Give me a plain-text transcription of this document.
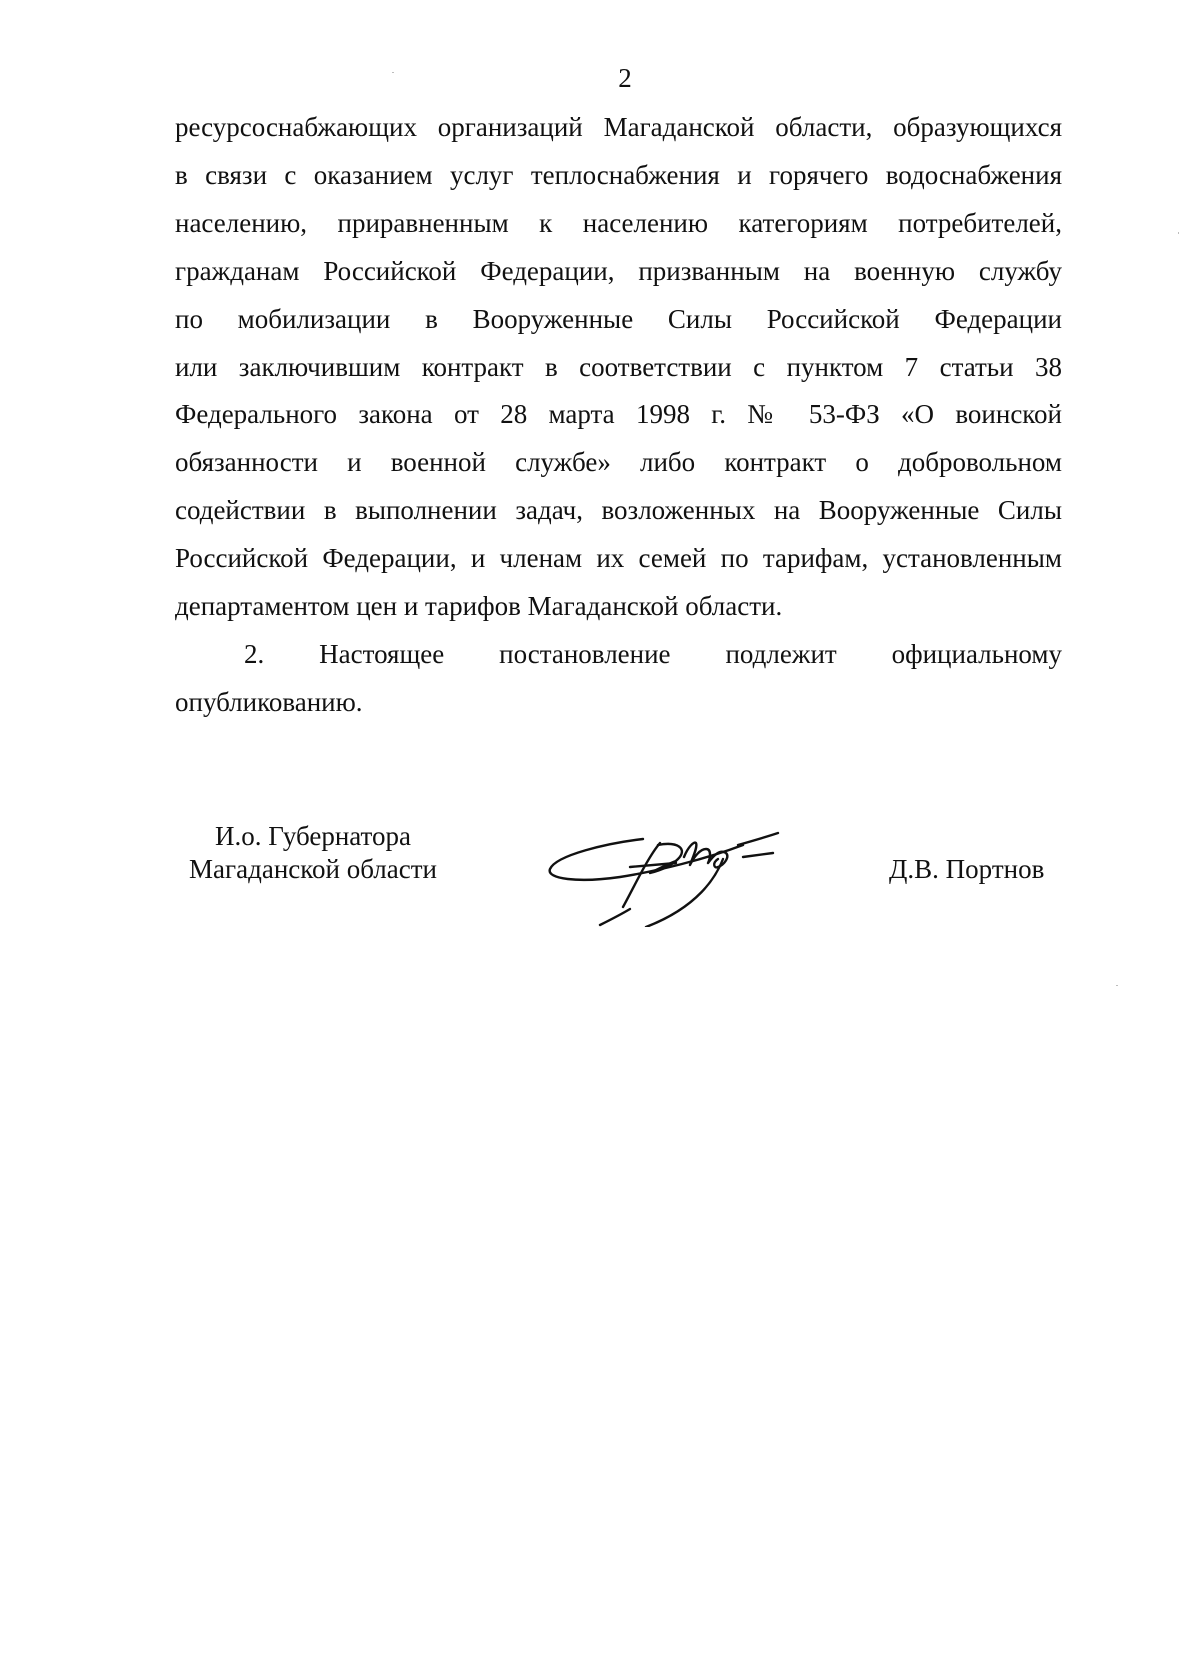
2
ресурсоснабжающих организаций Магаданской области, образующихся
в связи с оказанием услуг теплоснабжения и горячего водоснабжения
населению, приравненным к населению категориям потребителей,
гражданам Российской Федерации, призванным на военную службу
по мобилизации в Вооруженные Силы Российской Федерации
или заключившим контракт в соответствии с пунктом 7 статьи 38
Федерального закона от 28 марта 1998 г. № 53-ФЗ «О воинской
обязанности и военной службе» либо контракт о добровольном
содействии в выполнении задач, возложенных на Вооруженные Силы
Российской Федерации, и членам их семей по тарифам, установленным
департаментом цен и тарифов Магаданской области.
2. Настоящее постановление подлежит официальному
опубликованию.
И.о. Губернатора
Магаданской области	Д.В. Портнов
